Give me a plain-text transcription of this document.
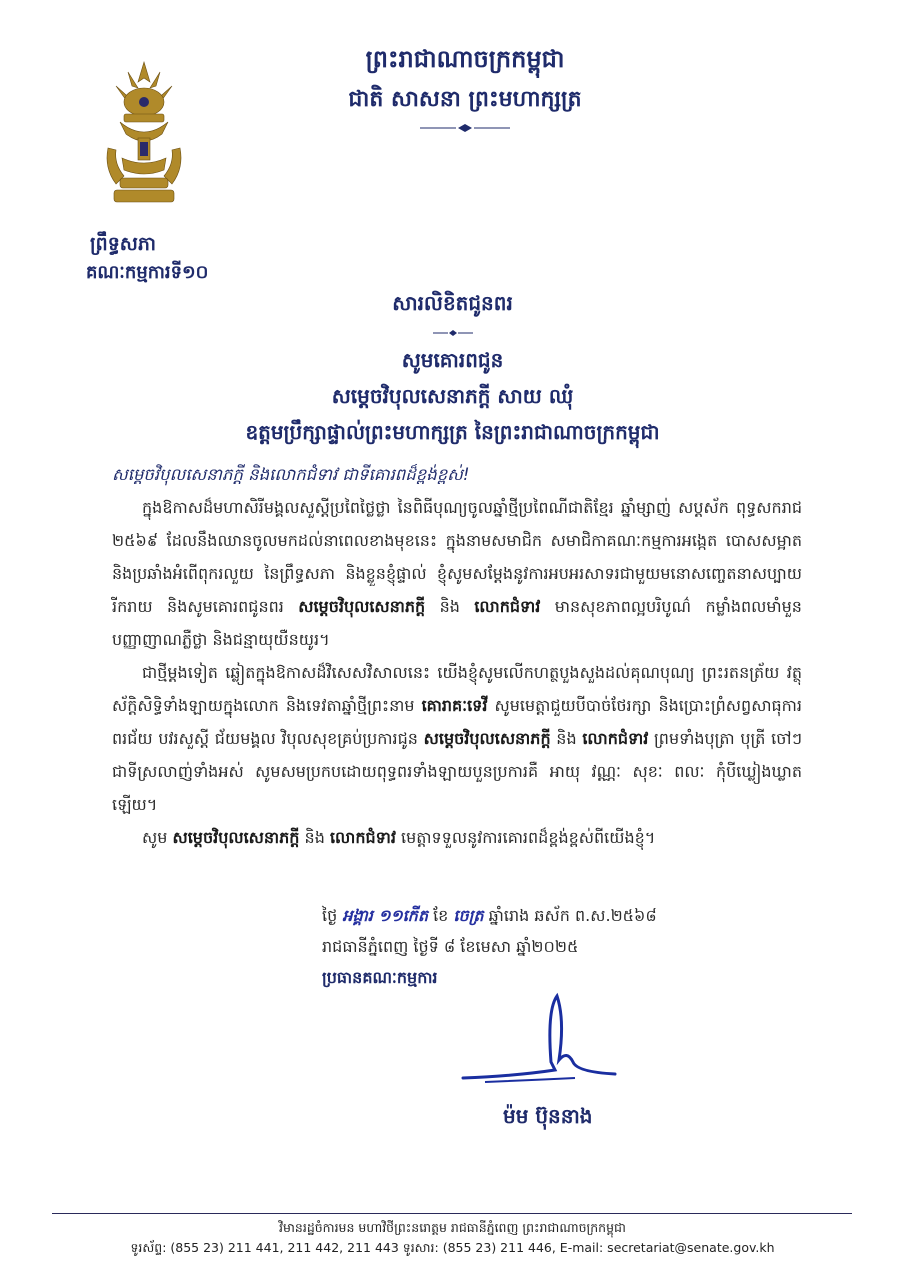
ព្រឹទ្ធសភា
គណៈកម្មការទី១០
ព្រះរាជាណាចក្រកម្ពុជា
ជាតិ សាសនា ព្រះមហាក្សត្រ
សារលិខិតជូនពរ
សូមគោរពជូន
សម្តេចវិបុលសេនាភក្តី សាយ ឈុំ
ឧត្តមប្រឹក្សាផ្ទាល់ព្រះមហាក្សត្រ នៃព្រះរាជាណាចក្រកម្ពុជា
សម្តេចវិបុលសេនាភក្តី និងលោកជំទាវ ជាទីគោរពដ៏ខ្ពង់ខ្ពស់!

ក្នុងឱកាសដ៏មហាសិរីមង្គលសួស្តីប្រពៃថ្លៃថ្លា នៃពិធីបុណ្យចូលឆ្នាំថ្មីប្រពៃណីជាតិខ្មែរ ឆ្នាំម្សាញ់ សប្តស័ក ពុទ្ធសករាជ ២៥៦៩ ដែលនឹងឈានចូលមកដល់នាពេលខាងមុខនេះ ក្នុងនាមសមាជិក សមាជិកាគណៈកម្មការអង្កេត បោសសម្អាត និងប្រឆាំងអំពើពុករលួយ នៃព្រឹទ្ធសភា និងខ្លួនខ្ញុំផ្ទាល់ ខ្ញុំសូមសម្តែងនូវការអបអរសាទរជាមួយមនោសញ្ចេតនាសប្បាយរីករាយ និងសូមគោរពជូនពរ សម្តេចវិបុលសេនាភក្តី និង លោកជំទាវ មានសុខភាពល្អបរិបូណ៌ កម្លាំងពលមាំមួន បញ្ញាញាណភ្លឺថ្លា និងជន្មាយុយឺនយូរ។

ជាថ្មីម្តងទៀត ឆ្លៀតក្នុងឱកាសដ៏វិសេសវិសាលនេះ យើងខ្ញុំសូមលើកហត្ថបួងសួងដល់គុណបុណ្យ ព្រះរតនត្រ័យ វត្ថុស័ក្តិសិទ្ធិទាំងឡាយក្នុងលោក និងទេវតាឆ្នាំថ្មីព្រះនាម គោរាគៈទេវី សូមមេត្តាជួយបីបាច់ថែរក្សា និងប្រោះព្រំសព្វសាធុការពរជ័យ បវរសួស្តី ជ័យមង្គល វិបុលសុខគ្រប់ប្រការជូន សម្តេចវិបុលសេនាភក្តី និង លោកជំទាវ ព្រមទាំងបុត្រា បុត្រី ចៅៗជាទីស្រលាញ់ទាំងអស់ សូមសមប្រកបដោយពុទ្ធពរទាំងឡាយបួនប្រការគឺ អាយុ វណ្ណៈ សុខៈ ពលៈ កុំបីឃ្លៀងឃ្លាតឡើយ។

សូម សម្តេចវិបុលសេនាភក្តី និង លោកជំទាវ មេត្តាទទួលនូវការគោរពដ៏ខ្ពង់ខ្ពស់ពីយើងខ្ញុំ។

ថ្ងៃ អង្គារ ១១កើត ខែ ចេត្រ ឆ្នាំរោង ឆស័ក ព.ស.២៥៦៨
រាជធានីភ្នំពេញ ថ្ងៃទី ៨ ខែមេសា ឆ្នាំ២០២៥
ប្រធានគណៈកម្មការ
ម៉ម ប៊ុននាង
វិមានរដ្ឋចំការមន មហាវិថីព្រះនរោត្តម រាជធានីភ្នំពេញ ព្រះរាជាណាចក្រកម្ពុជា
ទូរស័ព្ទ: (855 23) 211 441, 211 442, 211 443 ទូរសារ: (855 23) 211 446, E-mail: secretariat@senate.gov.kh
